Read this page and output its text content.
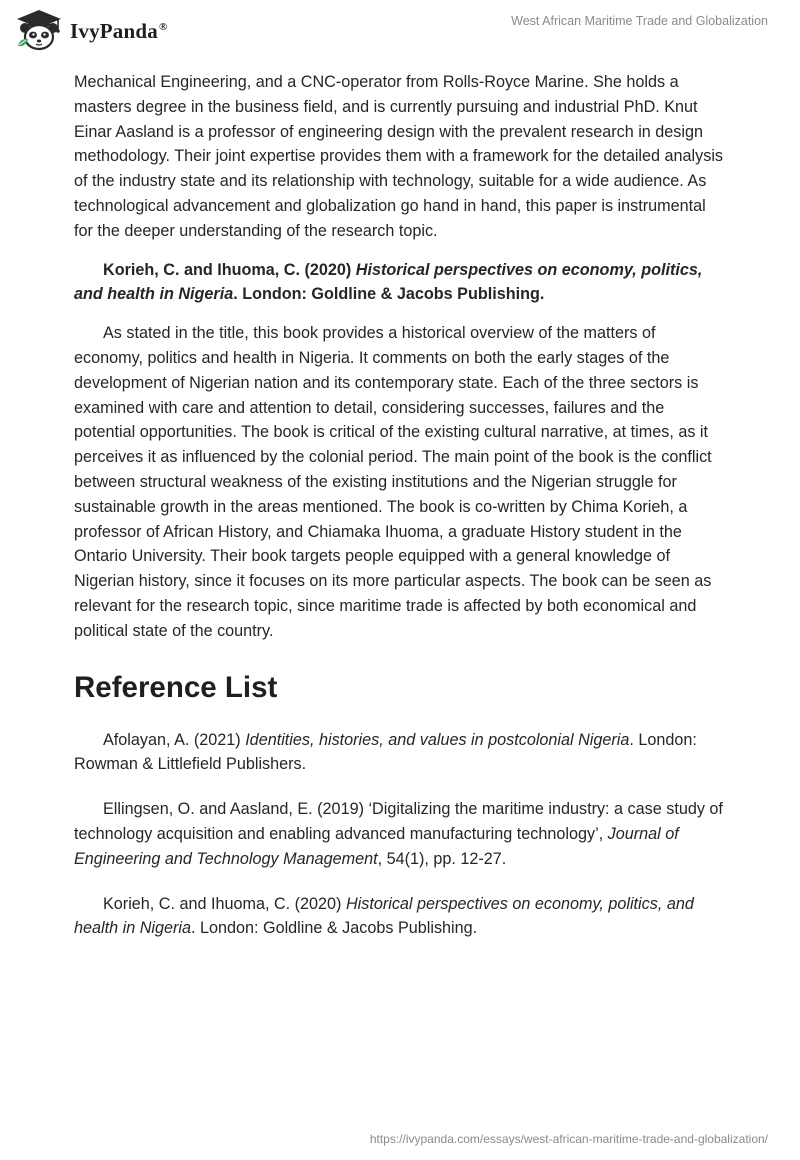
IvyPanda®	West African Maritime Trade and Globalization

Mechanical Engineering, and a CNC-operator from Rolls-Royce Marine. She holds a masters degree in the business field, and is currently pursuing and industrial PhD. Knut Einar Aasland is a professor of engineering design with the prevalent research in design methodology. Their joint expertise provides them with a framework for the detailed analysis of the industry state and its relationship with technology, suitable for a wide audience. As technological advancement and globalization go hand in hand, this paper is instrumental for the deeper understanding of the research topic.

Korieh, C. and Ihuoma, C. (2020) Historical perspectives on economy, politics, and health in Nigeria. London: Goldline & Jacobs Publishing.

As stated in the title, this book provides a historical overview of the matters of economy, politics and health in Nigeria. It comments on both the early stages of the development of Nigerian nation and its contemporary state. Each of the three sectors is examined with care and attention to detail, considering successes, failures and the potential opportunities. The book is critical of the existing cultural narrative, at times, as it perceives it as influenced by the colonial period. The main point of the book is the conflict between structural weakness of the existing institutions and the Nigerian struggle for sustainable growth in the areas mentioned. The book is co-written by Chima Korieh, a professor of African History, and Chiamaka Ihuoma, a graduate History student in the Ontario University. Their book targets people equipped with a general knowledge of Nigerian history, since it focuses on its more particular aspects. The book can be seen as relevant for the research topic, since maritime trade is affected by both economical and political state of the country.

Reference List

Afolayan, A. (2021) Identities, histories, and values in postcolonial Nigeria. London: Rowman & Littlefield Publishers.

Ellingsen, O. and Aasland, E. (2019) ‘Digitalizing the maritime industry: a case study of technology acquisition and enabling advanced manufacturing technology’, Journal of Engineering and Technology Management, 54(1), pp. 12-27.

Korieh, C. and Ihuoma, C. (2020) Historical perspectives on economy, politics, and health in Nigeria. London: Goldline & Jacobs Publishing.

https://ivypanda.com/essays/west-african-maritime-trade-and-globalization/
